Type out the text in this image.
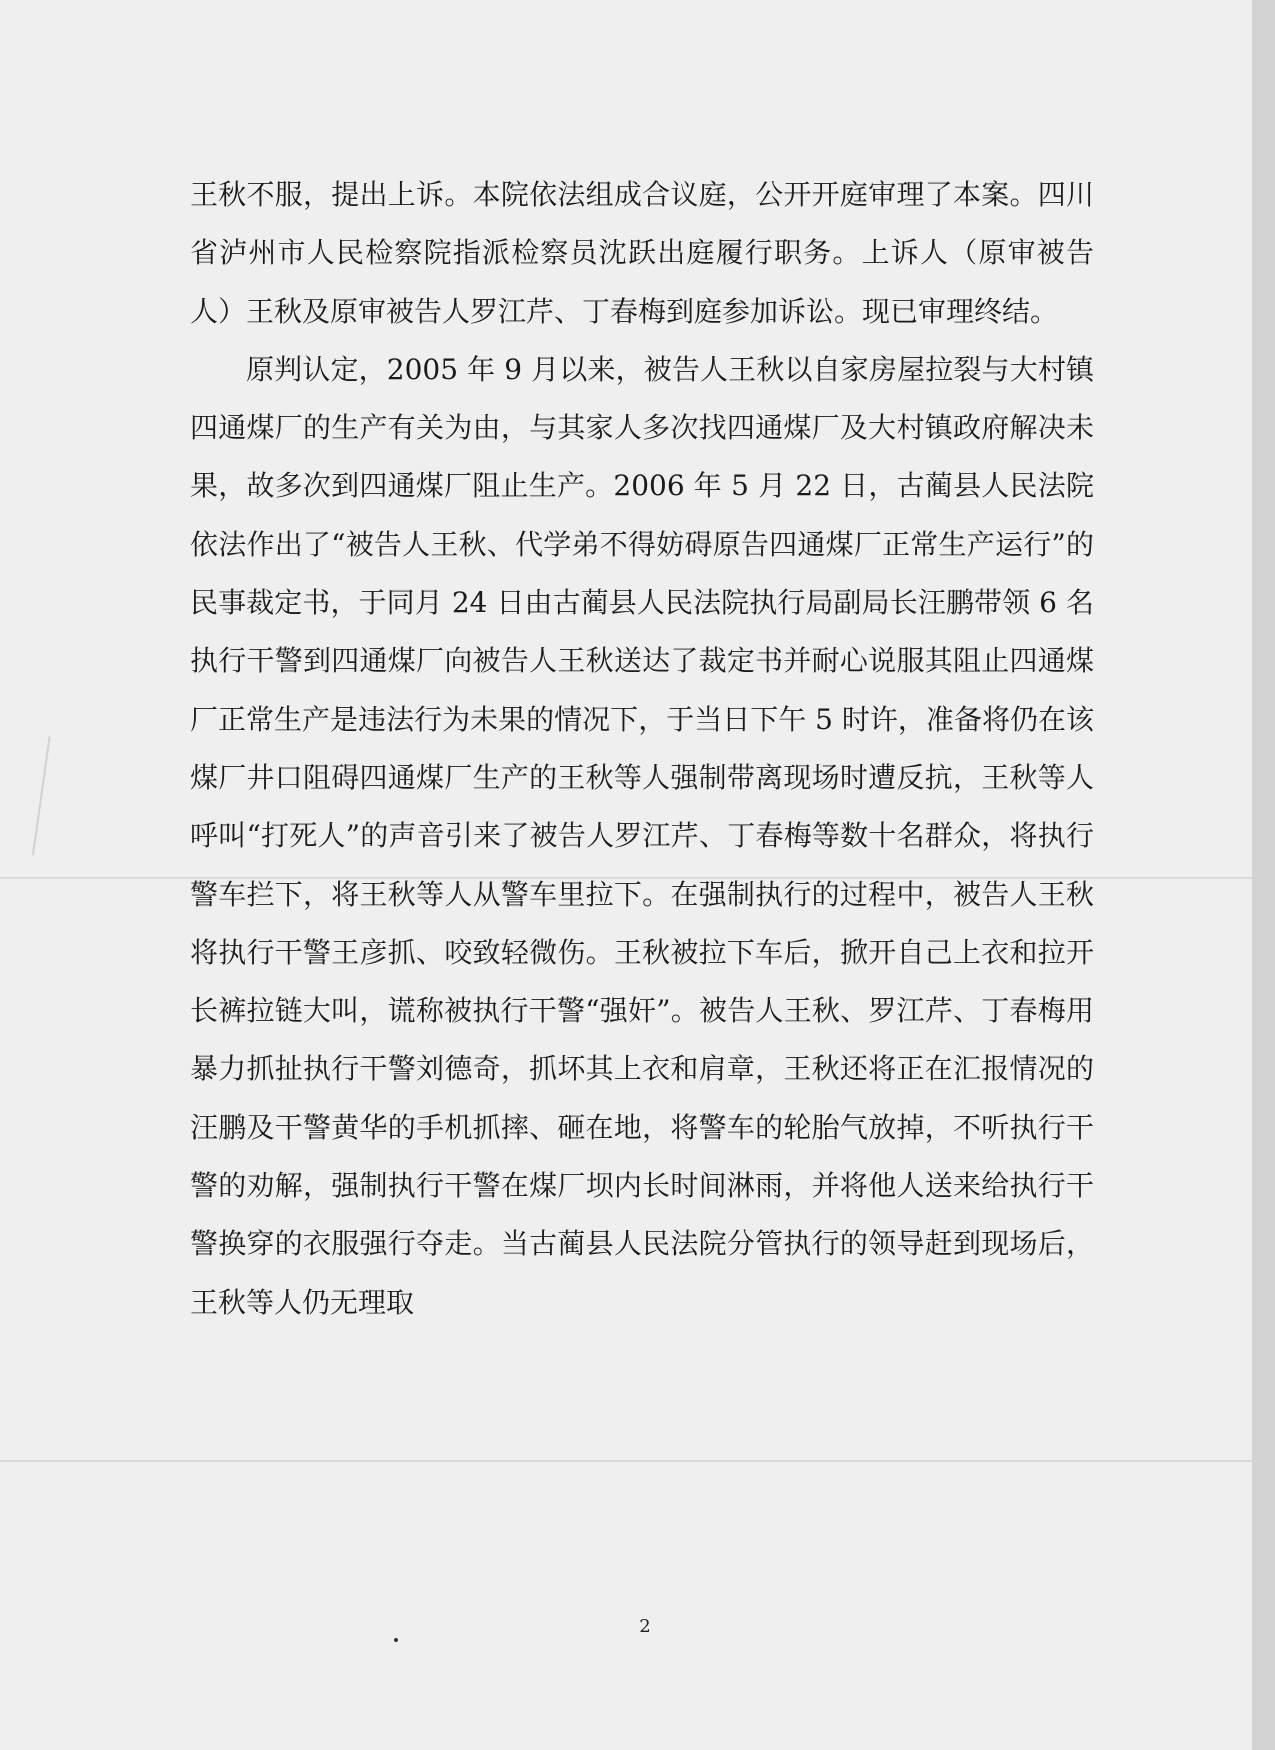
王秋不服，提出上诉。本院依法组成合议庭，公开开庭审理了本案。四川省泸州市人民检察院指派检察员沈跃出庭履行职务。上诉人（原审被告人）王秋及原审被告人罗江芹、丁春梅到庭参加诉讼。现已审理终结。

原判认定，2005 年 9 月以来，被告人王秋以自家房屋拉裂与大村镇四通煤厂的生产有关为由，与其家人多次找四通煤厂及大村镇政府解决未果，故多次到四通煤厂阻止生产。2006 年 5 月 22 日，古蔺县人民法院依法作出了“被告人王秋、代学弟不得妨碍原告四通煤厂正常生产运行”的民事裁定书，于同月 24 日由古蔺县人民法院执行局副局长汪鹏带领 6 名执行干警到四通煤厂向被告人王秋送达了裁定书并耐心说服其阻止四通煤厂正常生产是违法行为未果的情况下，于当日下午 5 时许，准备将仍在该煤厂井口阻碍四通煤厂生产的王秋等人强制带离现场时遭反抗，王秋等人呼叫“打死人”的声音引来了被告人罗江芹、丁春梅等数十名群众，将执行警车拦下，将王秋等人从警车里拉下。在强制执行的过程中，被告人王秋将执行干警王彦抓、咬致轻微伤。王秋被拉下车后，掀开自己上衣和拉开长裤拉链大叫，谎称被执行干警“强奸”。被告人王秋、罗江芹、丁春梅用暴力抓扯执行干警刘德奇，抓坏其上衣和肩章，王秋还将正在汇报情况的汪鹏及干警黄华的手机抓摔、砸在地，将警车的轮胎气放掉，不听执行干警的劝解，强制执行干警在煤厂坝内长时间淋雨，并将他人送来给执行干警换穿的衣服强行夺走。当古蔺县人民法院分管执行的领导赶到现场后，王秋等人仍无理取

2
